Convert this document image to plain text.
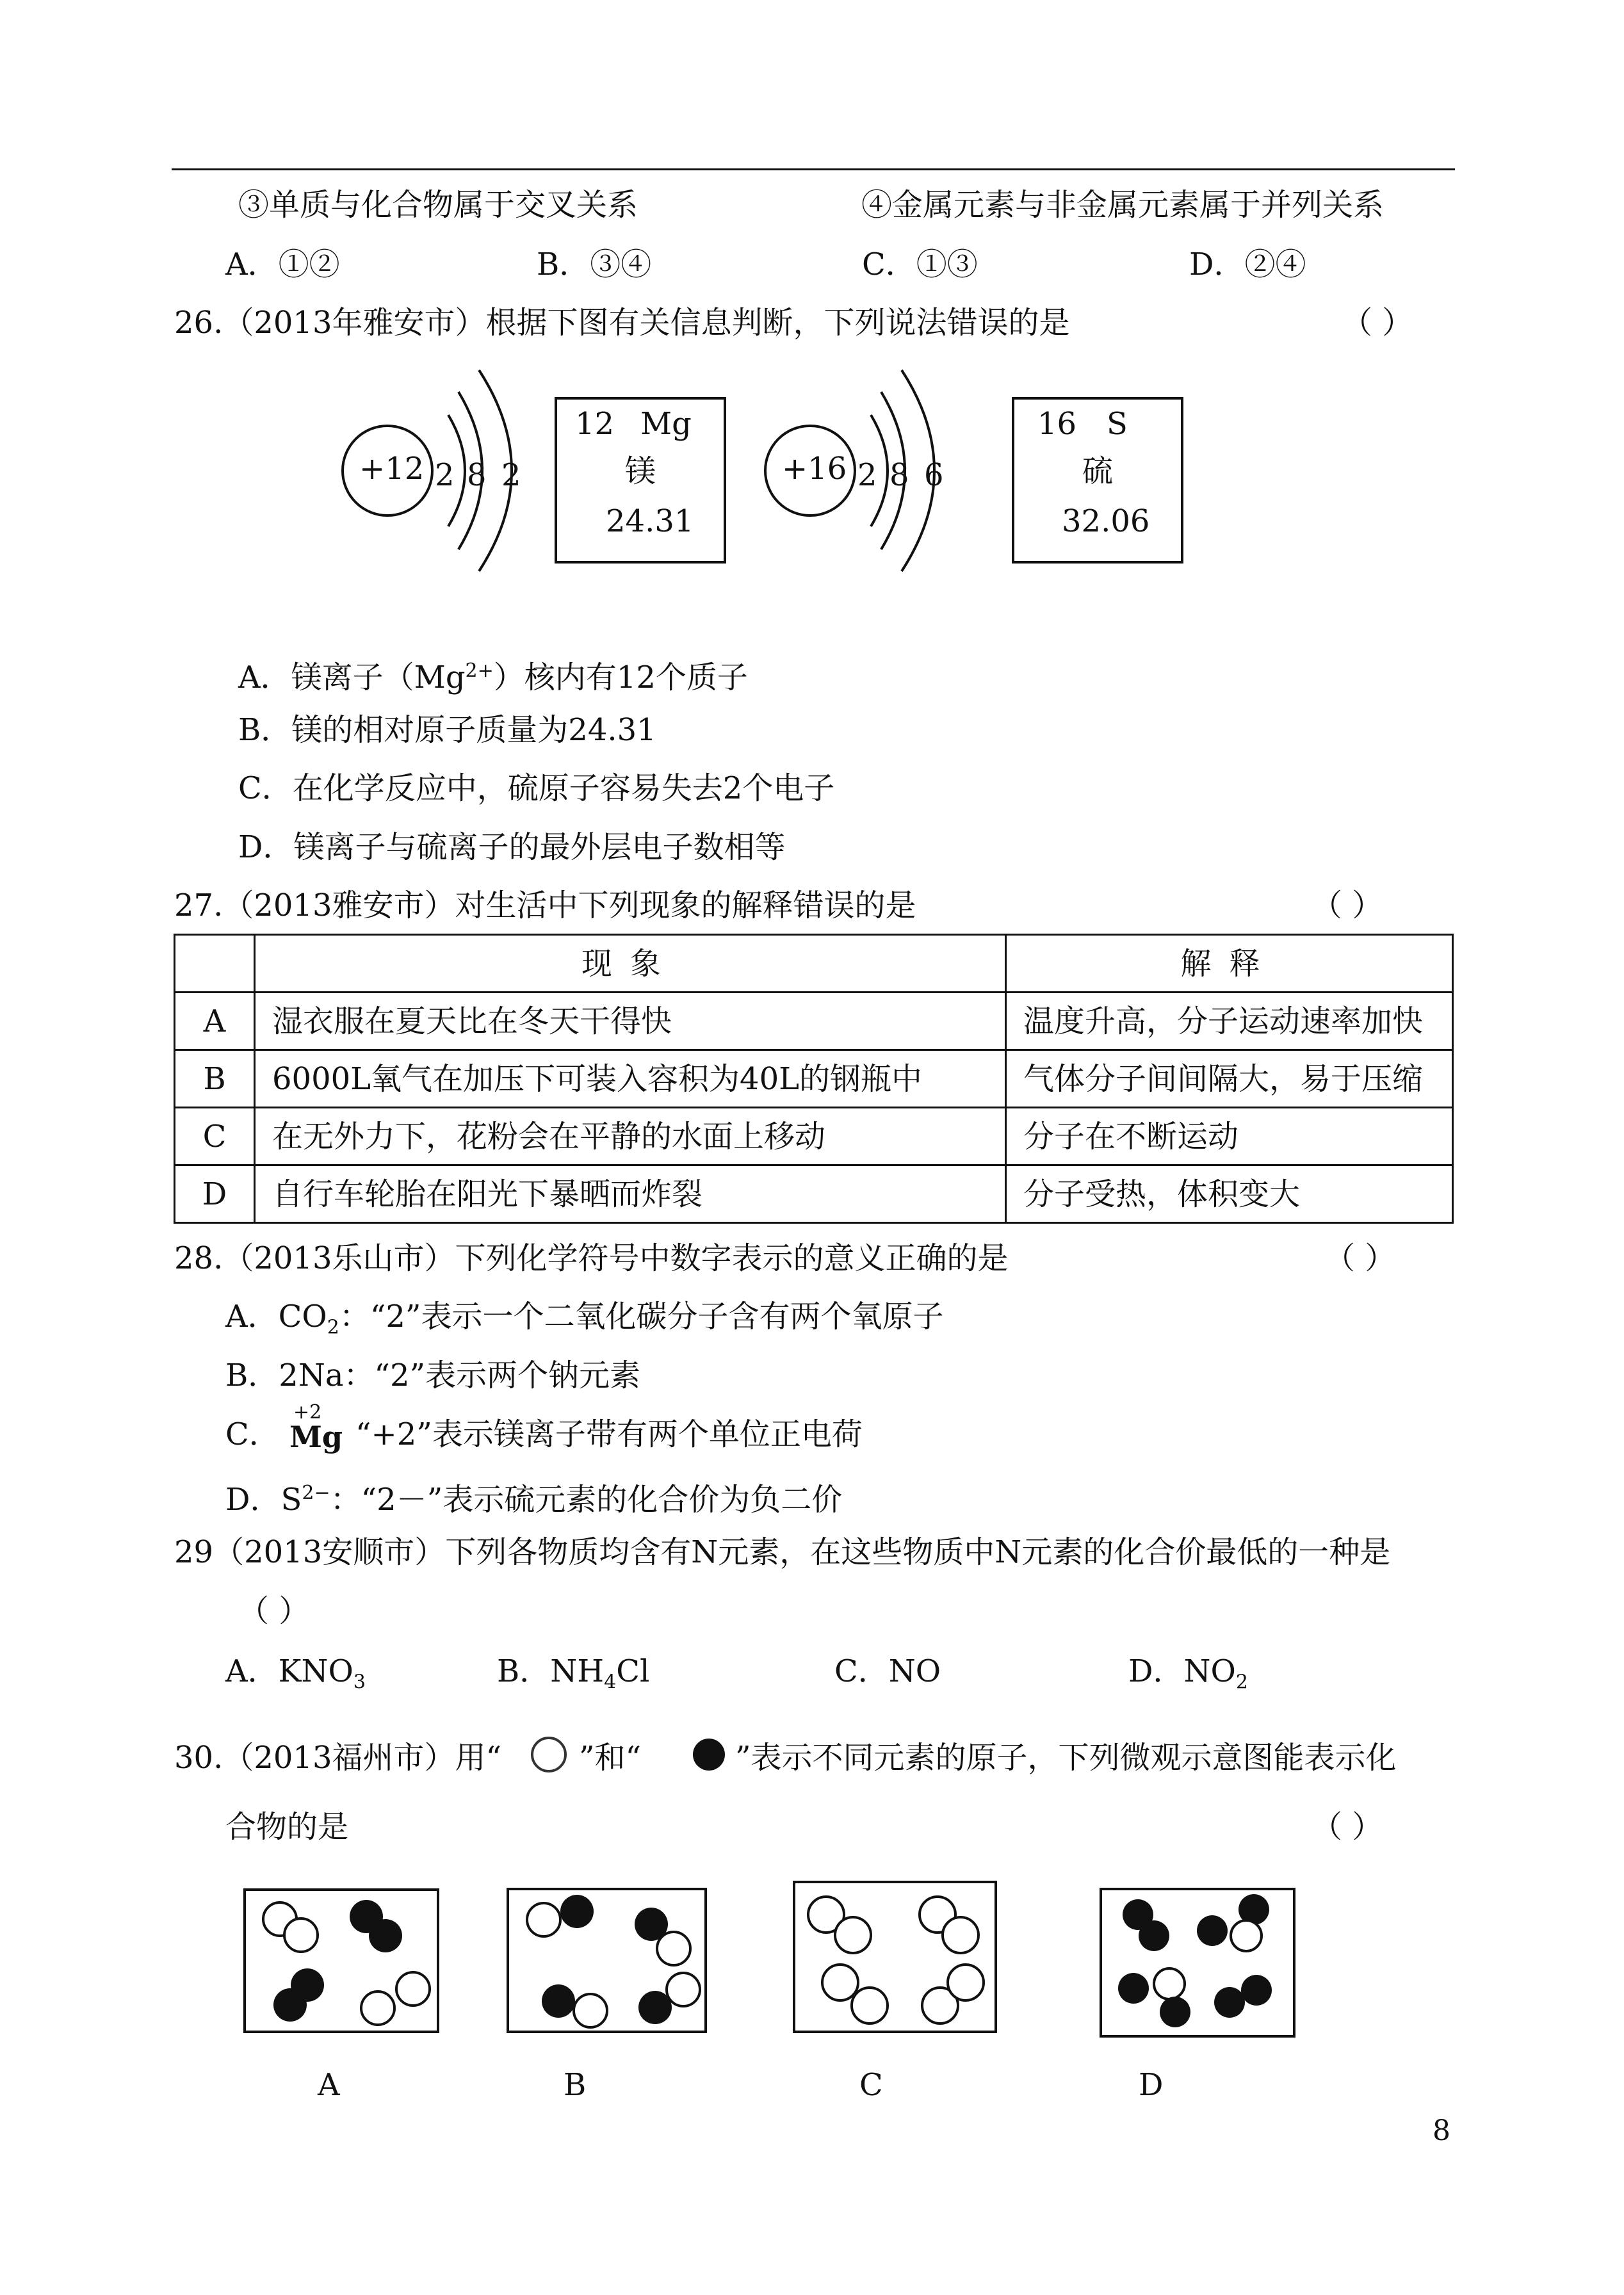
③单质与化合物属于交叉关系	④金属元素与非金属元素属于并列关系
A．①②	B．③④	C．①③	D．②④
26.（2013年雅安市）根据下图有关信息判断，下列说法错误的是	（ ）
+12 2 8 2
12 Mg
镁
24.31
+16 2 8 6
16 S
硫
32.06
A．镁离子$(Mg^{2+})$核内有12个质子
B．镁的相对原子质量为24.31
C．在化学反应中，硫原子容易失去2个电子
D．镁离子与硫离子的最外层电子数相等
27.（2013雅安市）对生活中下列现象的解释错误的是	（ ）
	现象	解释
A	湿衣服在夏天比在冬天干得快	温度升高，分子运动速率加快
B	6000L氧气在加压下可装入容积为40L的钢瓶中	气体分子间间隔大，易于压缩
C	在无外力下，花粉会在平静的水面上移动	分子在不断运动
D	自行车轮胎在阳光下暴晒而炸裂	分子受热，体积变大
28.（2013乐山市）下列化学符号中数字表示的意义正确的是	（ ）
A．$CO_2$：“2”表示一个二氧化碳分子含有两个氧原子
B．2Na：“2”表示两个钠元素
C．
+2
Mg “+2”表示镁离子带有两个单位正电荷
D．$S^{2-}$：“2－”表示硫元素的化合价为负二价
29（2013安顺市）下列各物质均含有N元素，在这些物质中N元素的化合价最低的一种是
（ ）
A．$KNO_3$	B．$NH_4Cl$	C．NO	D．$NO_2$
30.（2013福州市）用“	”和“	”表示不同元素的原子，下列微观示意图能表示化
合物的是	（ ）
A	B	C	D
8
